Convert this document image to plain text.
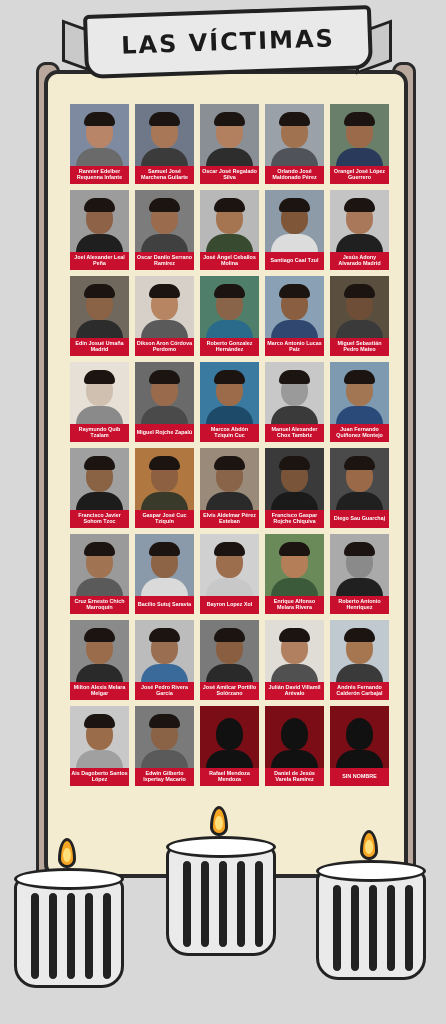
LAS VÍCTIMAS
Rannier Edelber Requenna Infante
Samuel José Marchena Guilarte
Oscar José Regalado Silva
Orlando José Maldonado Pérez
Orangel José López Guerrero
Joel Alexander Leal Peña
Oscar Danilo Serrano Ramírez
José Ángel Ceballos Molina
Santiago Caal Tzul
Jesús Adony Alvarado Madrid
Edin Josué Umaña Madrid
Dikson Aron Córdova Perdomo
Roberto Gonzalez Hernández
Marco Antonio Lucas Paíz
Miguel Sebastián Pedro Mateo
Raymundo Quib Tzalam
Miguel Rojche Zapalú
Marcos Abdón Tziquin Cuc
Manuel Alexander Chox Tambriz
Juan Fernando Quiñonez Montejo
Francisco Javier Sohom Tzoc
Gaspar José Cuc Tziquín
Elvis Aldelmar Pérez Esteban
Francisco Gaspar Rojche Chiquiva
Diego Sau Guarchaj
Cruz Ernesto Chich Marroquín
Bacilio Sutuj Saravia	Bayron Lopez Xol
Enrique Alfonso Melara Rivera
Roberto Antonio Henriquez
Milton Alexis Melara Melgar
José Pedro Rivera García
José Amilcar Portillo Solórzano
Julián David Villamil Arévalo
Andrés Fernando Calderón Carbajal
Ais Dagoberto Santos López
Edwin Gilberto Ixpertay Macario
Rafael Mendoza Mendoza
Daniel de Jesús Varela Ramírez
SIN NOMBRE
